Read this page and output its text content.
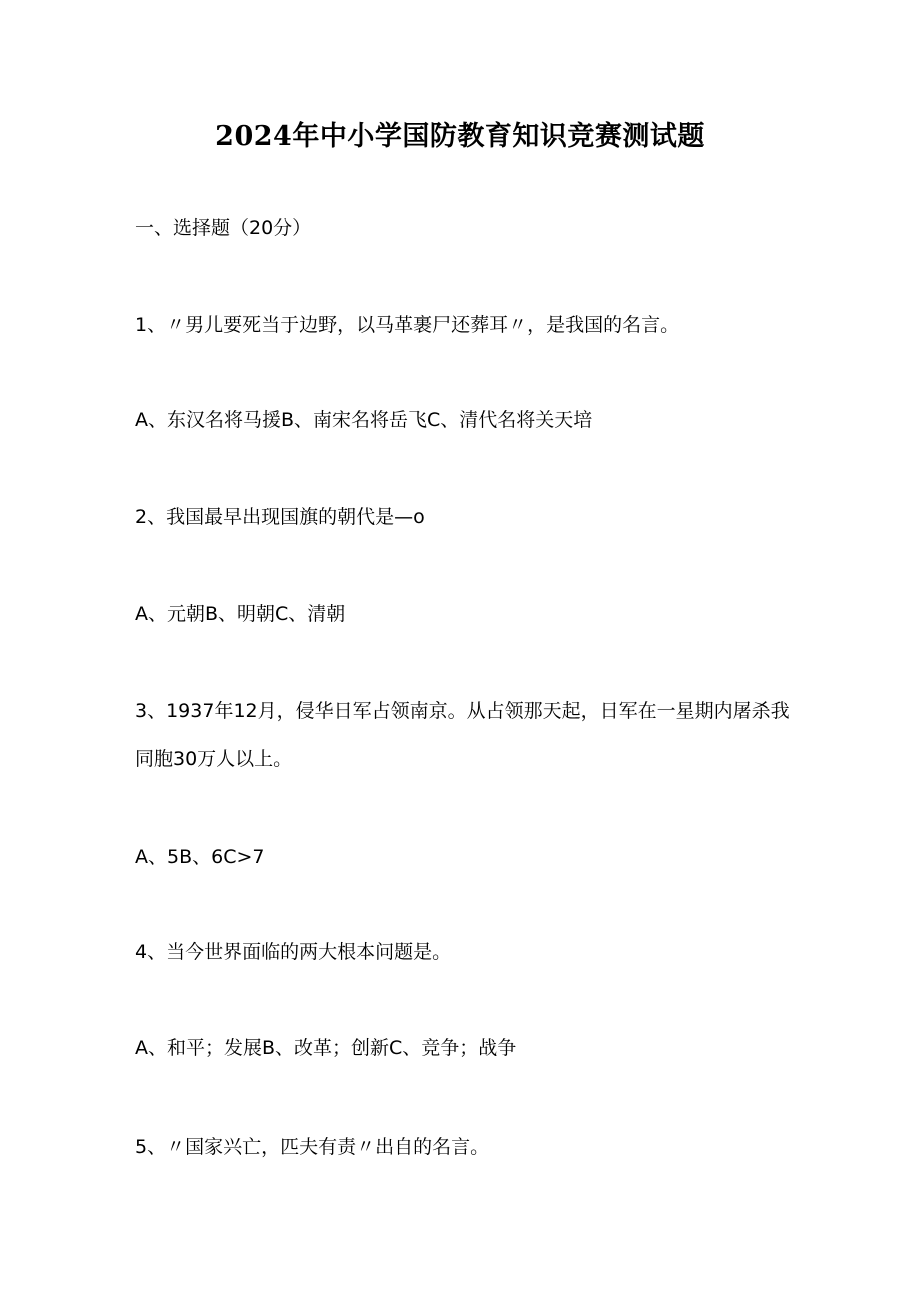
2024年中小学国防教育知识竞赛测试题
一、选择题（20分）
1、〃男儿要死当于边野，以马革裹尸还葬耳〃，是我国的名言。
A、东汉名将马援B、南宋名将岳飞C、清代名将关天培
2、我国最早出现国旗的朝代是—o
A、元朝B、明朝C、清朝
3、1937年12月，侵华日军占领南京。从占领那天起，日军在一星期内屠杀我同胞30万人以上。
A、5B、6C>7
4、当今世界面临的两大根本问题是。
A、和平；发展B、改革；创新C、竞争；战争
5、〃国家兴亡，匹夫有责〃出自的名言。
